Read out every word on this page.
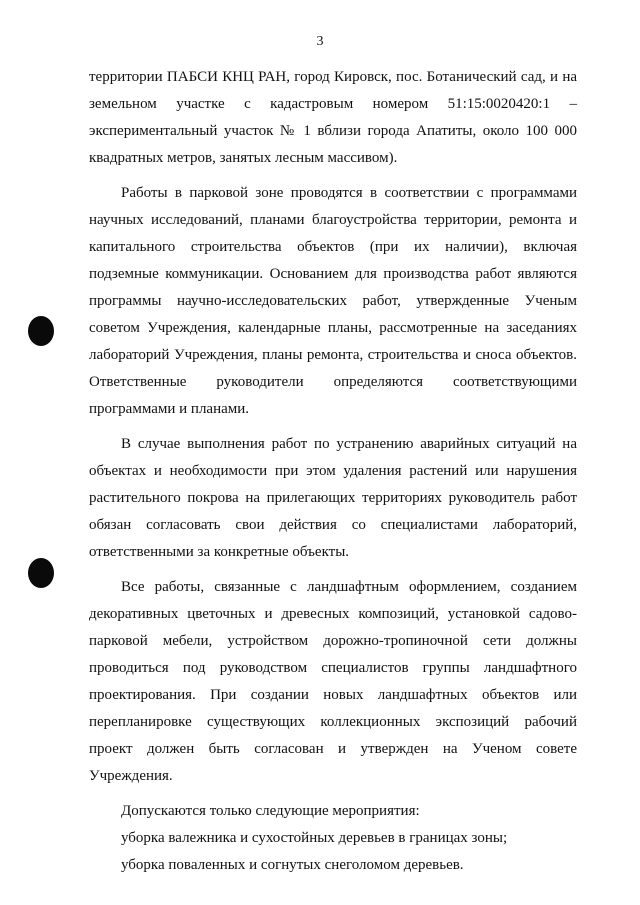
3

территории ПАБСИ КНЦ РАН, город Кировск, пос. Ботанический сад, и на земельном участке с кадастровым номером 51:15:0020420:1 – экспериментальный участок № 1 вблизи города Апатиты, около 100 000 квадратных метров, занятых лесным массивом).

Работы в парковой зоне проводятся в соответствии с программами научных исследований, планами благоустройства территории, ремонта и капитального строительства объектов (при их наличии), включая подземные коммуникации. Основанием для производства работ являются программы научно-исследовательских работ, утвержденные Ученым советом Учреждения, календарные планы, рассмотренные на заседаниях лабораторий Учреждения, планы ремонта, строительства и сноса объектов. Ответственные руководители определяются соответствующими программами и планами.

В случае выполнения работ по устранению аварийных ситуаций на объектах и необходимости при этом удаления растений или нарушения растительного покрова на прилегающих территориях руководитель работ обязан согласовать свои действия со специалистами лабораторий, ответственными за конкретные объекты.

Все работы, связанные с ландшафтным оформлением, созданием декоративных цветочных и древесных композиций, установкой садово-парковой мебели, устройством дорожно-тропиночной сети должны проводиться под руководством специалистов группы ландшафтного проектирования. При создании новых ландшафтных объектов или перепланировке существующих коллекционных экспозиций рабочий проект должен быть согласован и утвержден на Ученом совете Учреждения.

Допускаются только следующие мероприятия:

уборка валежника и сухостойных деревьев в границах зоны;

уборка поваленных и согнутых снеголомом деревьев.
